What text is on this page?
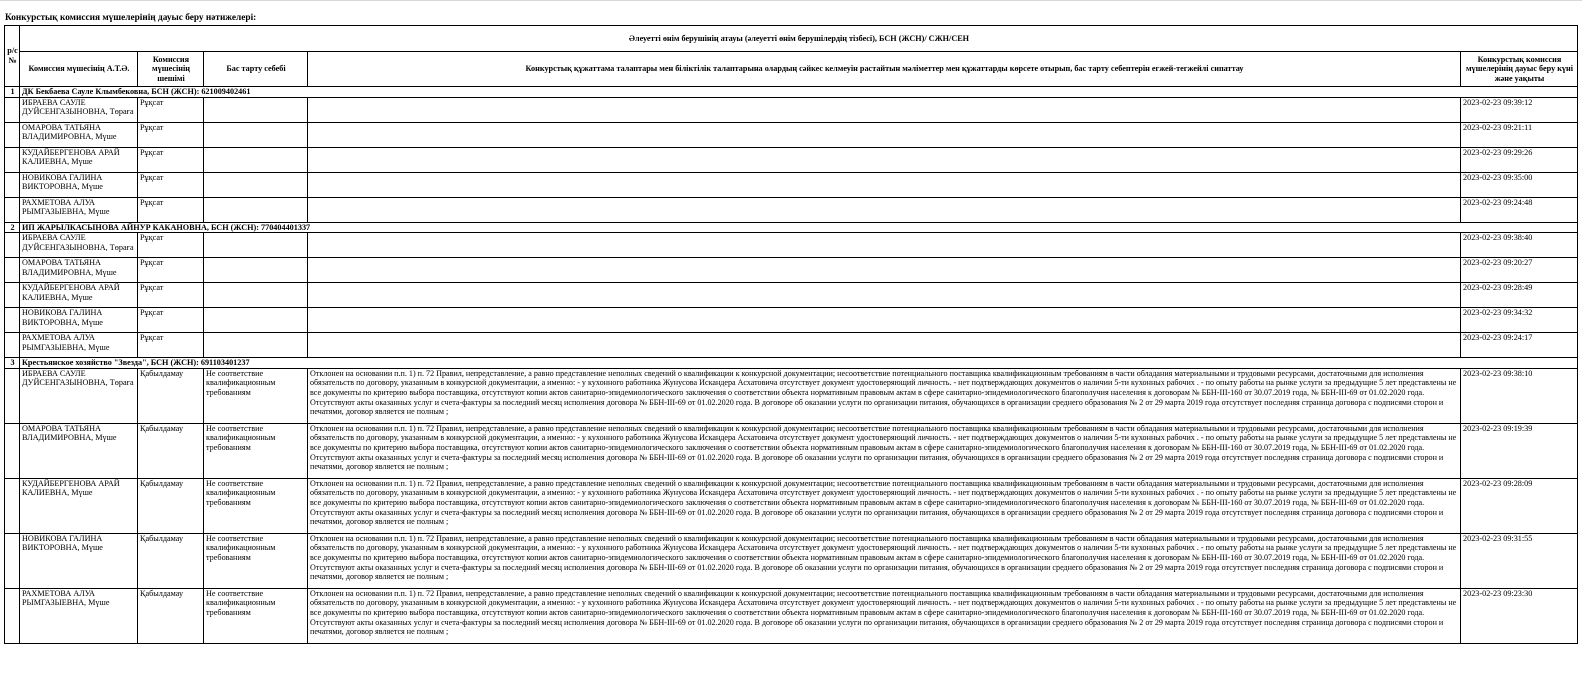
Конкурстық комиссия мүшелерінің дауыс беру нәтижелері:
р/с №	Әлеуетті өнім берушінің атауы (әлеуетті өнім берушілердің тізбесі), БСН (ЖСН)/ СЖН/СЕН				
	Комиссия мүшесінің А.Т.Ә.	Комиссия мүшесінің шешімі	Бас тарту себебі	Конкурстық құжаттама талаптары мен біліктілік талаптарына олардың сәйкес келмеуін растайтын мәліметтер мен құжаттарды көрсете отырып, бас тарту себептерін егжей-тегжейлі сипаттау	Конкурстық комиссия мүшелерінің дауыс беру күні және уақыты
1	ДК Бекбаева Сауле Клымбековна, БСН (ЖСН): 621009402461				
	ИБРАЕВА САУЛЕ ДУЙСЕНГАЗЫНОВНА, Төраға	Рұқсат			2023-02-23 09:39:12
	ОМАРОВА ТАТЬЯНА ВЛАДИМИРОВНА, Мүше	Рұқсат			2023-02-23 09:21:11
	КУДАЙБЕРГЕНОВА АРАЙ КАЛИЕВНА, Мүше	Рұқсат			2023-02-23 09:29:26
	НОВИКОВА ГАЛИНА ВИКТОРОВНА, Мүше	Рұқсат			2023-02-23 09:35:00
	РАХМЕТОВА АЛУА РЫМГАЗЫЕВНА, Мүше	Рұқсат			2023-02-23 09:24:48
2	ИП ЖАРЫЛКАСЫНОВА АЙНУР КАКАНОВНА, БСН (ЖСН): 770404401337				
	ИБРАЕВА САУЛЕ ДУЙСЕНГАЗЫНОВНА, Төраға	Рұқсат			2023-02-23 09:38:40
	ОМАРОВА ТАТЬЯНА ВЛАДИМИРОВНА, Мүше	Рұқсат			2023-02-23 09:20:27
	КУДАЙБЕРГЕНОВА АРАЙ КАЛИЕВНА, Мүше	Рұқсат			2023-02-23 09:28:49
	НОВИКОВА ГАЛИНА ВИКТОРОВНА, Мүше	Рұқсат			2023-02-23 09:34:32
	РАХМЕТОВА АЛУА РЫМГАЗЫЕВНА, Мүше	Рұқсат			2023-02-23 09:24:17
3	Крестьянское хозяйство "Звезда", БСН (ЖСН): 691103401237				
	ИБРАЕВА САУЛЕ ДУЙСЕНГАЗЫНОВНА, Төраға	Қабылдамау	Не соответствие квалификационным требованиям	Отклонен на основании п.п. 1) п. 72 Правил, непредставление, а равно представление неполных сведений о квалификации к конкурсной документации; несоответствие потенциального поставщика квалификационным требованиям в части обладания материальными и трудовыми ресурсами, достаточными для исполнения обязательств по договору, указанным в конкурсной документации, а именно: - у кухонного работника Жунусова Искандера Асхатовича отсутствует документ удостоверяющий личность. - нет подтверждающих документов о наличии 5-ти кухонных рабочих . - по опыту работы на рынке услуги за предыдущие 5 лет представлены не все документы по критерию выбора поставщика, отсутствуют копии актов санитарно-эпидемиологического заключения о соответствии объекта нормативным правовым актам в сфере санитарно-эпидемиологического благополучия населения к договорам № ББН-III-160 от 30.07.2019 года, № ББН-III-69 от 01.02.2020 года. Отсутствуют акты оказанных услуг и счета-фактуры за последний месяц исполнения договора № ББН-III-69 от 01.02.2020 года. В договоре об оказании услуги по организации питания, обучающихся в организации среднего образования № 2 от 29 марта 2019 года отсутствует последняя страница договора с подписями сторон и печатями, договор является не полным ;	2023-02-23 09:38:10
	ОМАРОВА ТАТЬЯНА ВЛАДИМИРОВНА, Мүше	Қабылдамау	Не соответствие квалификационным требованиям	Отклонен на основании п.п. 1) п. 72 Правил, непредставление, а равно представление неполных сведений о квалификации к конкурсной документации; несоответствие потенциального поставщика квалификационным требованиям в части обладания материальными и трудовыми ресурсами, достаточными для исполнения обязательств по договору, указанным в конкурсной документации, а именно: - у кухонного работника Жунусова Искандера Асхатовича отсутствует документ удостоверяющий личность. - нет подтверждающих документов о наличии 5-ти кухонных рабочих . - по опыту работы на рынке услуги за предыдущие 5 лет представлены не все документы по критерию выбора поставщика, отсутствуют копии актов санитарно-эпидемиологического заключения о соответствии объекта нормативным правовым актам в сфере санитарно-эпидемиологического благополучия населения к договорам № ББН-III-160 от 30.07.2019 года, № ББН-III-69 от 01.02.2020 года. Отсутствуют акты оказанных услуг и счета-фактуры за последний месяц исполнения договора № ББН-III-69 от 01.02.2020 года. В договоре об оказании услуги по организации питания, обучающихся в организации среднего образования № 2 от 29 марта 2019 года отсутствует последняя страница договора с подписями сторон и печатями, договор является не полным ;	2023-02-23 09:19:39
	КУДАЙБЕРГЕНОВА АРАЙ КАЛИЕВНА, Мүше	Қабылдамау	Не соответствие квалификационным требованиям	Отклонен на основании п.п. 1) п. 72 Правил, непредставление, а равно представление неполных сведений о квалификации к конкурсной документации; несоответствие потенциального поставщика квалификационным требованиям в части обладания материальными и трудовыми ресурсами, достаточными для исполнения обязательств по договору, указанным в конкурсной документации, а именно: - у кухонного работника Жунусова Искандера Асхатовича отсутствует документ удостоверяющий личность. - нет подтверждающих документов о наличии 5-ти кухонных рабочих . - по опыту работы на рынке услуги за предыдущие 5 лет представлены не все документы по критерию выбора поставщика, отсутствуют копии актов санитарно-эпидемиологического заключения о соответствии объекта нормативным правовым актам в сфере санитарно-эпидемиологического благополучия населения к договорам № ББН-III-160 от 30.07.2019 года, № ББН-III-69 от 01.02.2020 года. Отсутствуют акты оказанных услуг и счета-фактуры за последний месяц исполнения договора № ББН-III-69 от 01.02.2020 года. В договоре об оказании услуги по организации питания, обучающихся в организации среднего образования № 2 от 29 марта 2019 года отсутствует последняя страница договора с подписями сторон и печатями, договор является не полным ;	2023-02-23 09:28:09
	НОВИКОВА ГАЛИНА ВИКТОРОВНА, Мүше	Қабылдамау	Не соответствие квалификационным требованиям	Отклонен на основании п.п. 1) п. 72 Правил, непредставление, а равно представление неполных сведений о квалификации к конкурсной документации; несоответствие потенциального поставщика квалификационным требованиям в части обладания материальными и трудовыми ресурсами, достаточными для исполнения обязательств по договору, указанным в конкурсной документации, а именно: - у кухонного работника Жунусова Искандера Асхатовича отсутствует документ удостоверяющий личность. - нет подтверждающих документов о наличии 5-ти кухонных рабочих . - по опыту работы на рынке услуги за предыдущие 5 лет представлены не все документы по критерию выбора поставщика, отсутствуют копии актов санитарно-эпидемиологического заключения о соответствии объекта нормативным правовым актам в сфере санитарно-эпидемиологического благополучия населения к договорам № ББН-III-160 от 30.07.2019 года, № ББН-III-69 от 01.02.2020 года. Отсутствуют акты оказанных услуг и счета-фактуры за последний месяц исполнения договора № ББН-III-69 от 01.02.2020 года. В договоре об оказании услуги по организации питания, обучающихся в организации среднего образования № 2 от 29 марта 2019 года отсутствует последняя страница договора с подписями сторон и печатями, договор является не полным ;	2023-02-23 09:31:55
	РАХМЕТОВА АЛУА РЫМГАЗЫЕВНА, Мүше	Қабылдамау	Не соответствие квалификационным требованиям	Отклонен на основании п.п. 1) п. 72 Правил, непредставление, а равно представление неполных сведений о квалификации к конкурсной документации; несоответствие потенциального поставщика квалификационным требованиям в части обладания материальными и трудовыми ресурсами, достаточными для исполнения обязательств по договору, указанным в конкурсной документации, а именно: - у кухонного работника Жунусова Искандера Асхатовича отсутствует документ удостоверяющий личность. - нет подтверждающих документов о наличии 5-ти кухонных рабочих . - по опыту работы на рынке услуги за предыдущие 5 лет представлены не все документы по критерию выбора поставщика, отсутствуют копии актов санитарно-эпидемиологического заключения о соответствии объекта нормативным правовым актам в сфере санитарно-эпидемиологического благополучия населения к договорам № ББН-III-160 от 30.07.2019 года, № ББН-III-69 от 01.02.2020 года. Отсутствуют акты оказанных услуг и счета-фактуры за последний месяц исполнения договора № ББН-III-69 от 01.02.2020 года. В договоре об оказании услуги по организации питания, обучающихся в организации среднего образования № 2 от 29 марта 2019 года отсутствует последняя страница договора с подписями сторон и печатями, договор является не полным ;	2023-02-23 09:23:30
